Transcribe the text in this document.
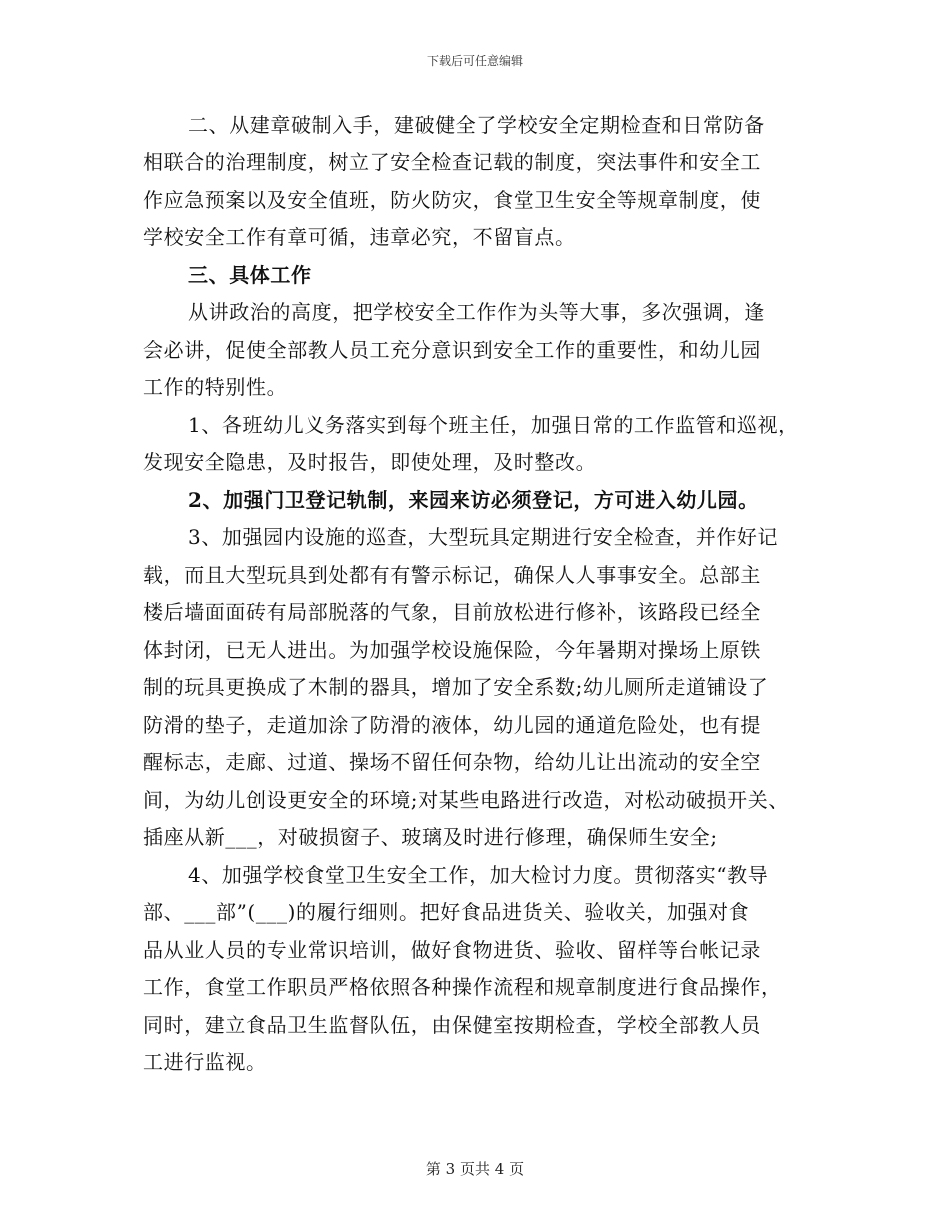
下载后可任意编辑
二、从建章破制入手，建破健全了学校安全定期检查和日常防备
相联合的治理制度，树立了安全检查记载的制度，突法事件和安全工
作应急预案以及安全值班，防火防灾，食堂卫生安全等规章制度，使
学校安全工作有章可循，违章必究，不留盲点。
三、具体工作
从讲政治的高度，把学校安全工作作为头等大事，多次强调，逢
会必讲，促使全部教人员工充分意识到安全工作的重要性，和幼儿园
工作的特别性。
1、各班幼儿义务落实到每个班主任，加强日常的工作监管和巡视，
发现安全隐患，及时报告，即使处理，及时整改。
2、加强门卫登记轨制，来园来访必须登记，方可进入幼儿园。
3、加强园内设施的巡查，大型玩具定期进行安全检查，并作好记
载，而且大型玩具到处都有有警示标记，确保人人事事安全。总部主
楼后墙面面砖有局部脱落的气象，目前放松进行修补，该路段已经全
体封闭，已无人进出。为加强学校设施保险，今年暑期对操场上原铁
制的玩具更换成了木制的器具，增加了安全系数;幼儿厕所走道铺设了
防滑的垫子，走道加涂了防滑的液体，幼儿园的通道危险处，也有提
醒标志，走廊、过道、操场不留任何杂物，给幼儿让出流动的安全空
间，为幼儿创设更安全的环境;对某些电路进行改造，对松动破损开关、
插座从新___，对破损窗子、玻璃及时进行修理，确保师生安全;
4、加强学校食堂卫生安全工作，加大检讨力度。贯彻落实“教导
部、___部”(___)的履行细则。把好食品进货关、验收关，加强对食
品从业人员的专业常识培训，做好食物进货、验收、留样等台帐记录
工作，食堂工作职员严格依照各种操作流程和规章制度进行食品操作，
同时，建立食品卫生监督队伍，由保健室按期检查，学校全部教人员
工进行监视。
第 3 页共 4 页
